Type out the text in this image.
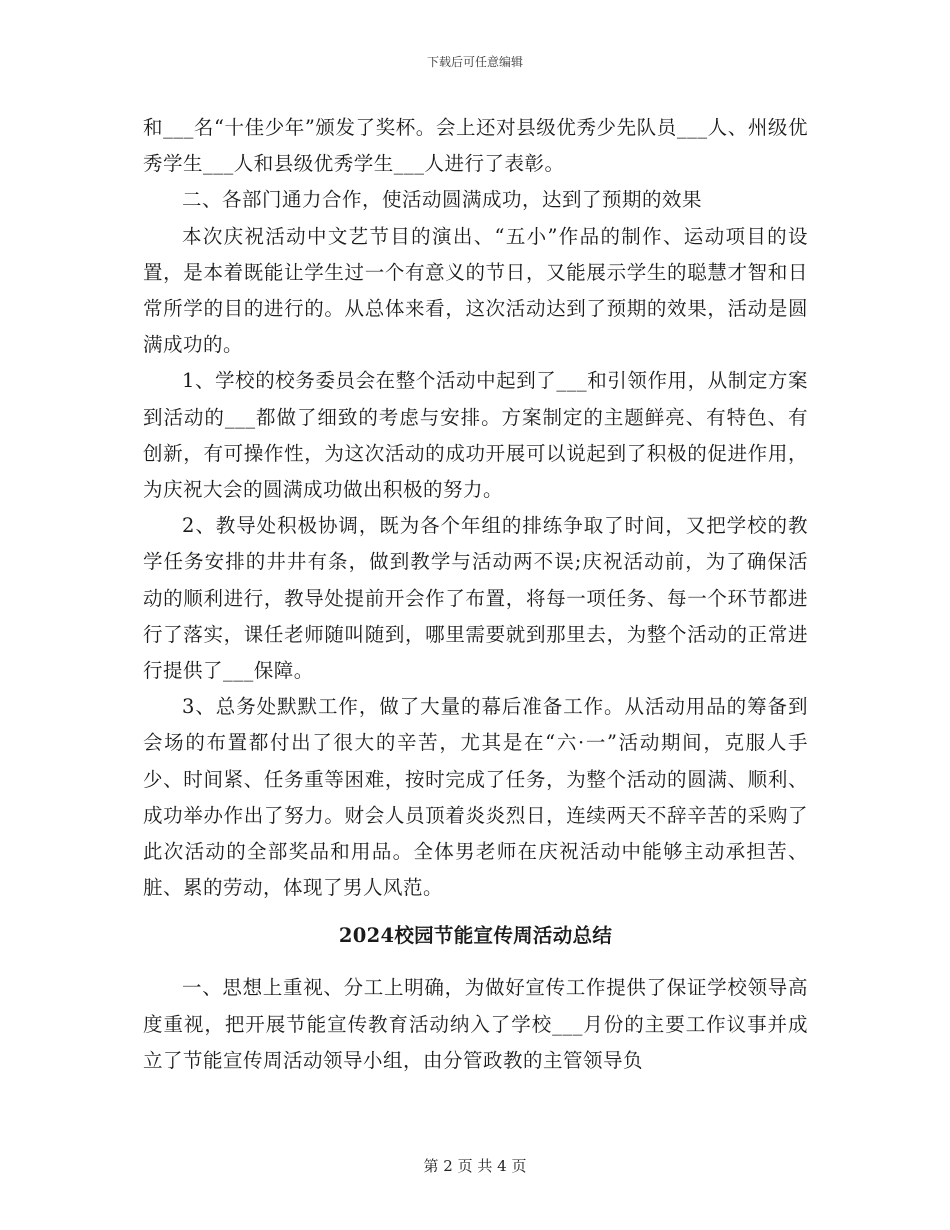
下载后可任意编辑

和___名“十佳少年”颁发了奖杯。会上还对县级优秀少先队员___人、州级优秀学生___人和县级优秀学生___人进行了表彰。

二、各部门通力合作，使活动圆满成功，达到了预期的效果

本次庆祝活动中文艺节目的演出、“五小”作品的制作、运动项目的设置，是本着既能让学生过一个有意义的节日，又能展示学生的聪慧才智和日常所学的目的进行的。从总体来看，这次活动达到了预期的效果，活动是圆满成功的。

1、学校的校务委员会在整个活动中起到了___和引领作用，从制定方案到活动的___都做了细致的考虑与安排。方案制定的主题鲜亮、有特色、有创新，有可操作性，为这次活动的成功开展可以说起到了积极的促进作用，为庆祝大会的圆满成功做出积极的努力。

2、教导处积极协调，既为各个年组的排练争取了时间，又把学校的教学任务安排的井井有条，做到教学与活动两不误;庆祝活动前，为了确保活动的顺利进行，教导处提前开会作了布置，将每一项任务、每一个环节都进行了落实，课任老师随叫随到，哪里需要就到那里去，为整个活动的正常进行提供了___保障。

3、总务处默默工作，做了大量的幕后准备工作。从活动用品的筹备到会场的布置都付出了很大的辛苦，尤其是在“六·一”活动期间，克服人手少、时间紧、任务重等困难，按时完成了任务，为整个活动的圆满、顺利、成功举办作出了努力。财会人员顶着炎炎烈日，连续两天不辞辛苦的采购了此次活动的全部奖品和用品。全体男老师在庆祝活动中能够主动承担苦、脏、累的劳动，体现了男人风范。

2024校园节能宣传周活动总结

一、思想上重视、分工上明确，为做好宣传工作提供了保证学校领导高度重视，把开展节能宣传教育活动纳入了学校___月份的主要工作议事并成立了节能宣传周活动领导小组，由分管政教的主管领导负

第 2 页 共 4 页
